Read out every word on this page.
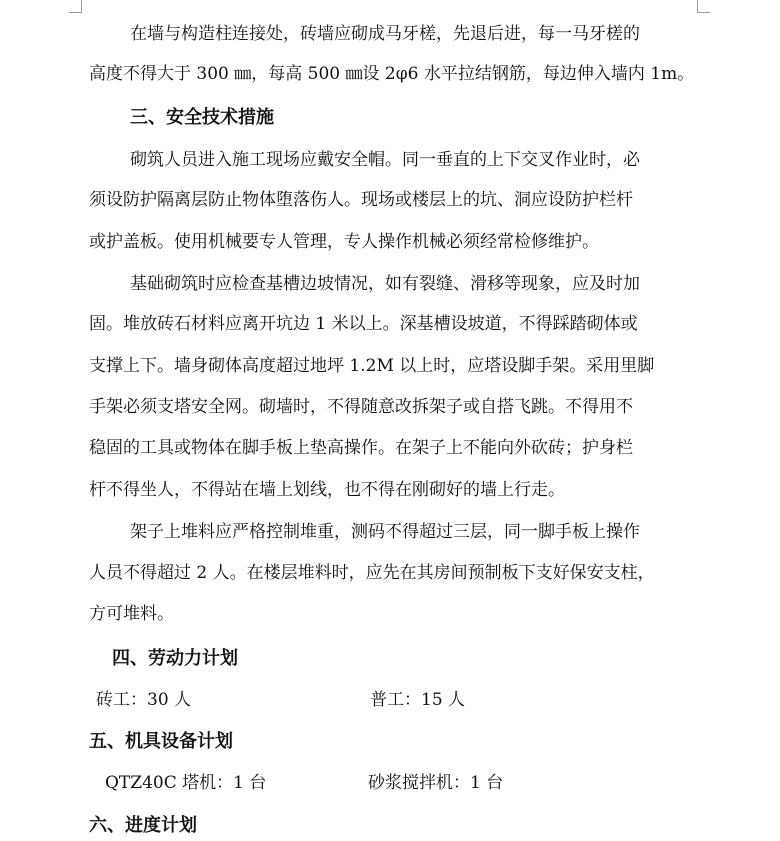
在墙与构造柱连接处，砖墙应砌成马牙槎，先退后进，每一马牙槎的
高度不得大于 300 ㎜，每高 500 ㎜设 2φ6 水平拉结钢筋，每边伸入墙内 1m。
三、安全技术措施
砌筑人员进入施工现场应戴安全帽。同一垂直的上下交叉作业时，必
须设防护隔离层防止物体堕落伤人。现场或楼层上的坑、洞应设防护栏杆
或护盖板。使用机械要专人管理，专人操作机械必须经常检修维护。
基础砌筑时应检查基槽边坡情况，如有裂缝、滑移等现象，应及时加
固。堆放砖石材料应离开坑边 1 米以上。深基槽设坡道，不得踩踏砌体或
支撑上下。墙身砌体高度超过地坪 1.2M 以上时，应塔设脚手架。采用里脚
手架必须支塔安全网。砌墙时，不得随意改拆架子或自搭飞跳。不得用不
稳固的工具或物体在脚手板上垫高操作。在架子上不能向外砍砖；护身栏
杆不得坐人，不得站在墙上划线，也不得在刚砌好的墙上行走。
架子上堆料应严格控制堆重，测码不得超过三层，同一脚手板上操作
人员不得超过 2 人。在楼层堆料时，应先在其房间预制板下支好保安支柱，
方可堆料。
四、劳动力计划
砖工：30 人	普工：15 人
五、机具设备计划
QTZ40C 塔机：1 台	砂浆搅拌机：1 台
六、进度计划
